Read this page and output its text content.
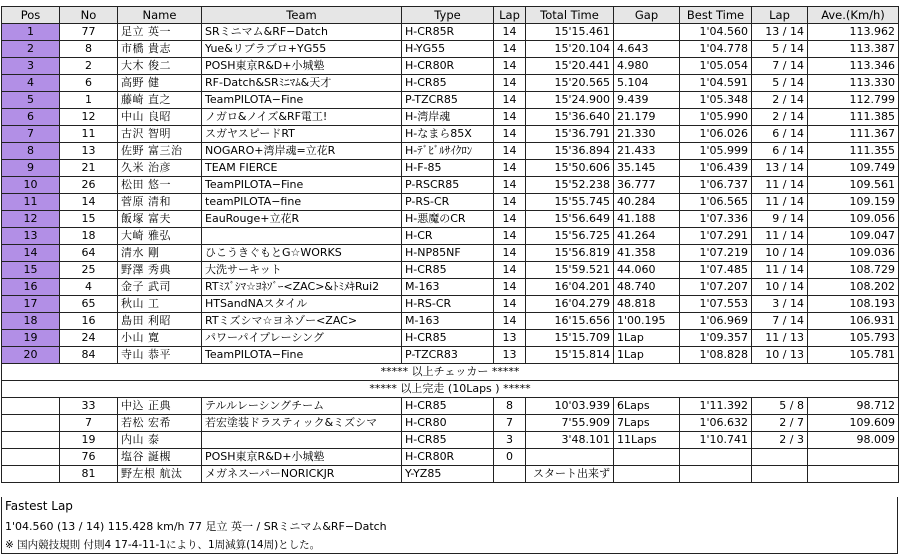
Pos	No	Name	Team	Type	Lap	Total Time	Gap	Best Time	Lap	Ave.(Km/h)
1	77	足立 英一	SRミニマム&RF−Datch	H-CR85R	14	15'15.461		1'04.560	13 / 14	113.962
2	8	市橋 貴志	Yue&リブラブロ+YG55	H-YG55	14	15'20.104	4.643	1'04.778	5 / 14	113.387
3	2	大木 俊二	POSH東京R&D+小城塾	H-CR80R	14	15'20.441	4.980	1'05.054	7 / 14	113.346
4	6	高野 健	RF-Datch&SRﾐﾆﾏﾑ&天才	H-CR85	14	15'20.565	5.104	1'04.591	5 / 14	113.330
5	1	藤崎 直之	TeamPILOTA−Fine	P-TZCR85	14	15'24.900	9.439	1'05.348	2 / 14	112.799
6	12	中山 良昭	ノガロ&ノイズ&RF電工!	H-湾岸魂	14	15'36.640	21.179	1'05.990	2 / 14	111.385
7	11	古沢 智明	スガヤスピードRT	H-なまら85X	14	15'36.791	21.330	1'06.026	6 / 14	111.367
8	13	佐野 富三治	NOGARO+湾岸魂=立花R	H-ﾃﾞﾋﾞﾙｻｲｸﾛﾝ	14	15'36.894	21.433	1'05.999	6 / 14	111.355
9	21	久米 治彦	TEAM FIERCE	H-F-85	14	15'50.606	35.145	1'06.439	13 / 14	109.749
10	26	松田 悠一	TeamPILOTA−Fine	P-RSCR85	14	15'52.238	36.777	1'06.737	11 / 14	109.561
11	14	菅原 清和	teamPILOTA−fine	P-RS-CR	14	15'55.745	40.284	1'06.565	11 / 14	109.159
12	15	飯塚 富夫	EauRouge+立花R	H-悪魔のCR	14	15'56.649	41.188	1'07.336	9 / 14	109.056
13	18	大崎 雅弘		H-CR	14	15'56.725	41.264	1'07.291	11 / 14	109.047
14	64	清水 剛	ひこうきぐもとG☆WORKS	H-NP85NF	14	15'56.819	41.358	1'07.219	10 / 14	109.036
15	25	野澤 秀典	大洗サーキット	H-CR85	14	15'59.521	44.060	1'07.485	11 / 14	108.729
16	4	金子 武司	RTﾐｽﾞｼﾏ☆ﾖﾈｿﾞｰ<ZAC>&ﾄﾐﾒｷRui2	M-163	14	16'04.201	48.740	1'07.207	10 / 14	108.202
17	65	秋山 工	HTSandNAスタイル	H-RS-CR	14	16'04.279	48.818	1'07.553	3 / 14	108.193
18	16	島田 利昭	RTミズシマ☆ヨネゾー<ZAC>	M-163	14	16'15.656	1'00.195	1'06.969	7 / 14	106.931
19	24	小山 寛	パワーパイプレーシング	H-CR85	13	15'15.709	1Lap	1'09.357	11 / 13	105.793
20	84	寺山 恭平	TeamPILOTA−Fine	P-TZCR83	13	15'15.814	1Lap	1'08.828	10 / 13	105.781
***** 以上チェッカー *****										
***** 以上完走 (10Laps ) *****										
	33	中込 正典	テルルレーシングチーム	H-CR85	8	10'03.939	6Laps	1'11.392	5 / 8	98.712
	7	若松 宏希	若宏塗装ドラスティック&ミズシマ	H-CR80	7	7'55.909	7Laps	1'06.632	2 / 7	109.609
	19	内山 泰		H-CR85	3	3'48.101	11Laps	1'10.741	2 / 3	98.009
	76	塩谷 誕槻	POSH東京R&D+小城塾	H-CR80R	0					
	81	野左根 航汰	メガネスーパーNORICKJR	Y-YZ85		スタート出来ず				
Fastest Lap
1'04.560 (13 / 14) 115.428 km/h 77 足立 英一 / SRミニマム&RF−Datch
※ 国内競技規則 付則4 17-4-11-1により、1周減算(14周)とした。
